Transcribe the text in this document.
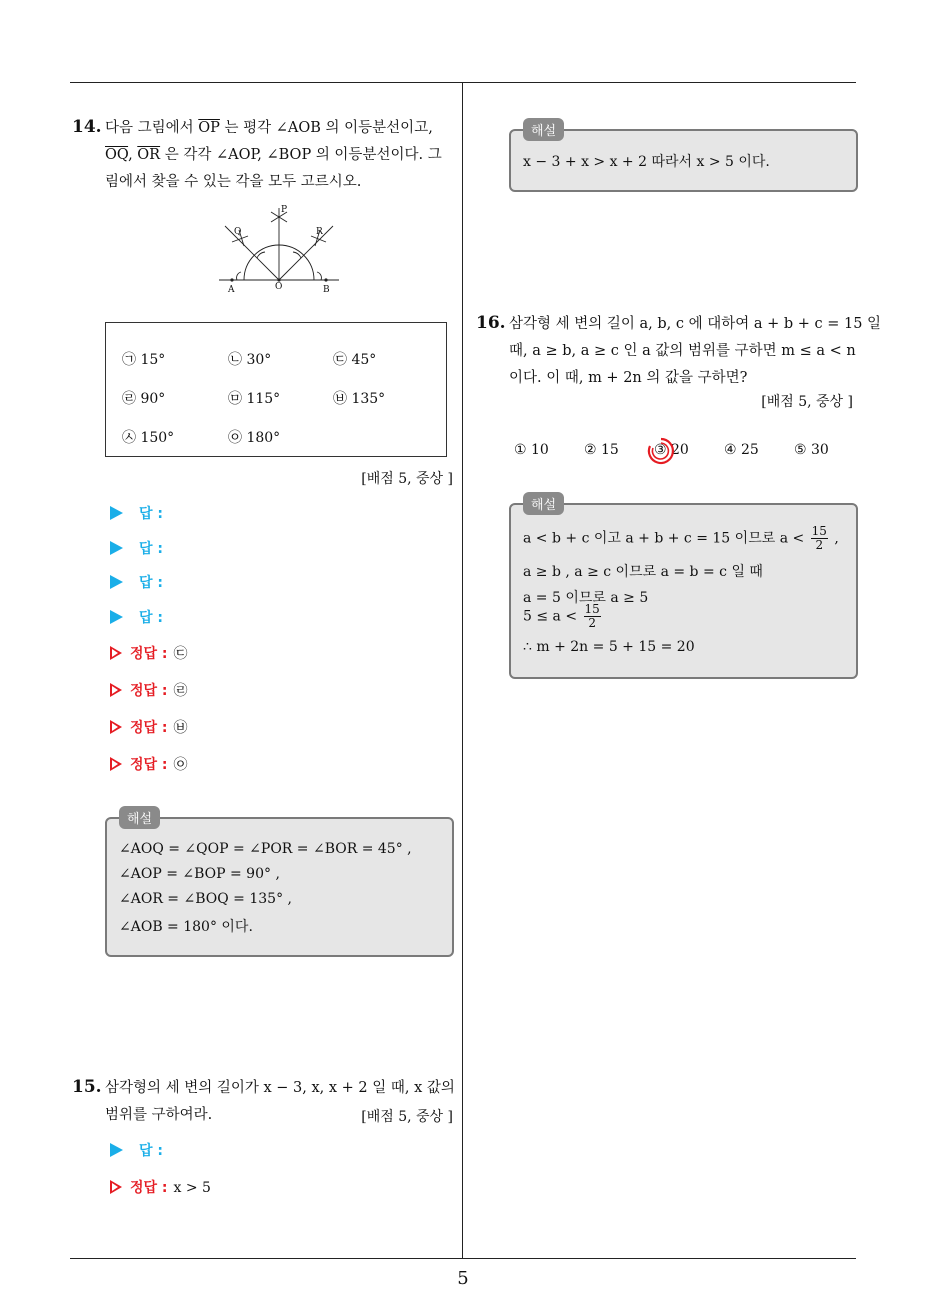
5
14. 다음 그림에서 $\overline{OP}$ 는 평각 ∠AOB 의 이등분선이고,
$\overline{OQ}$, $\overline{OR}$ 은 각각 ∠AOP, ∠BOP 의 이등분선이다. 그
림에서 찾을 수 있는 각을 모두 고르시오.
P
Q	R
A	O	B
㉠ 15°	㉡ 30°	㉢ 45°
㉣ 90°	㉤ 115°	㉥ 135°
㉦ 150°	㉧ 180°
[배점 5, 중상 ]
답 :
답 :
답 :
답 :
정답 : ㉢
정답 : ㉣
정답 : ㉥
정답 : ㉧
∠AOQ = ∠QOP = ∠POR = ∠BOR = 45° ,
∠AOP = ∠BOP = 90° ,
∠AOR = ∠BOQ = 135° ,
∠AOB = 180° 이다.
해설
15. 삼각형의 세 변의 길이가 x − 3, x, x + 2 일 때, x 값의
범위를 구하여라.	[배점 5, 중상 ]
답 :
정답 : x > 5
x − 3 + x > x + 2 따라서 x > 5 이다.
해설
16. 삼각형 세 변의 길이 a, b, c 에 대하여 a + b + c = 15 일
때, a ≥ b, a ≥ c 인 a 값의 범위를 구하면 m ≤ a < n
이다. 이 때, m + 2n 의 값을 구하면?
[배점 5, 중상 ]
① 10	② 15	③ 20	④ 25	⑤ 30
a < b + c 이고 a + b + c = 15 이므로 $a < \frac{15}{2}$ ,
a ≥ b , a ≥ c 이므로 a = b = c 일 때
a = 5 이므로 a ≥ 5
$5 \le a < \frac{15}{2}$
∴ m + 2n = 5 + 15 = 20
해설
